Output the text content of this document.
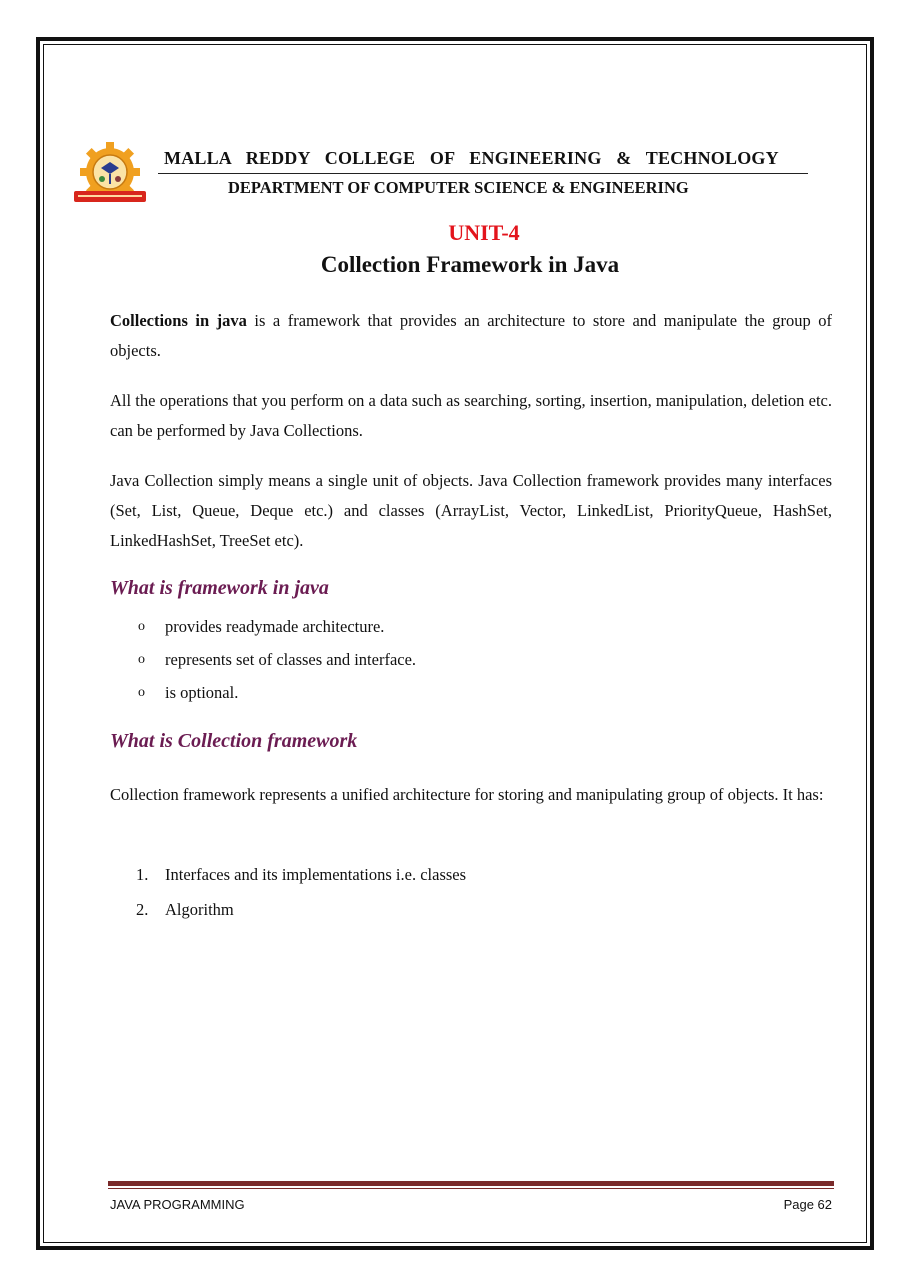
MALLA REDDY COLLEGE OF ENGINEERING & TECHNOLOGY
DEPARTMENT OF COMPUTER SCIENCE & ENGINEERING
UNIT-4
Collection Framework in Java

Collections in java is a framework that provides an architecture to store and manipulate the group of objects.

All the operations that you perform on a data such as searching, sorting, insertion, manipulation, deletion etc. can be performed by Java Collections.

Java Collection simply means a single unit of objects. Java Collection framework provides many interfaces (Set, List, Queue, Deque etc.) and classes (ArrayList, Vector, LinkedList, PriorityQueue, HashSet, LinkedHashSet, TreeSet etc).

What is framework in java
o provides readymade architecture.
o represents set of classes and interface.
o is optional.
What is Collection framework

Collection framework represents a unified architecture for storing and manipulating group of objects. It has:

1. Interfaces and its implementations i.e. classes
2. Algorithm
JAVA PROGRAMMING	Page 62
